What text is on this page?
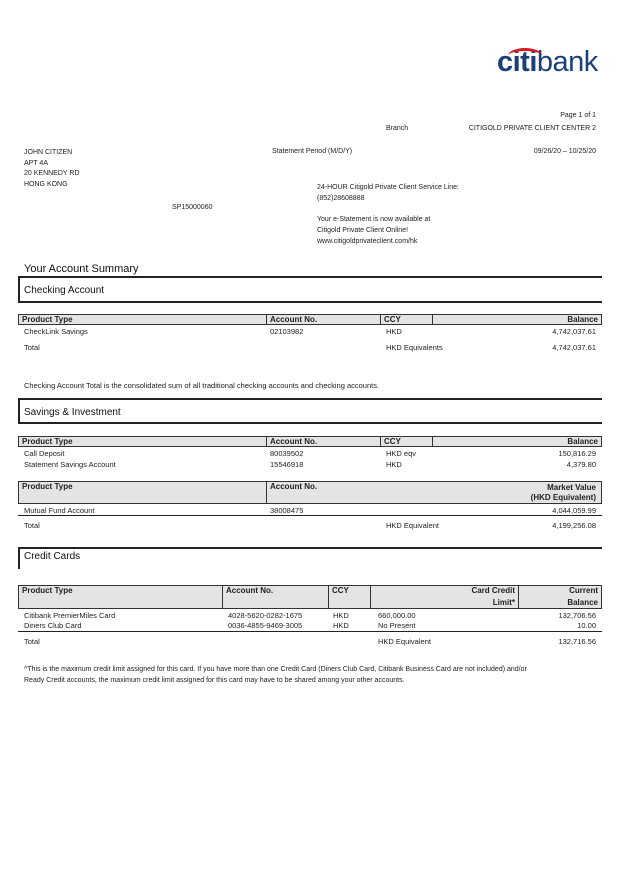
citibank
Page 1 of 1
Branch	CITIGOLD PRIVATE CLIENT CENTER 2
Statement Period (M/D/Y)	09/26/20 – 10/25/20
JOHN CITIZEN
APT 4A
20 KENNEDY RD
HONG KONG
SP15000060
24-HOUR Citigold Private Client Service Line:
(852)28608888
Your e-Statement is now available at
Citigold Private Client Online!
www.citigoldprivateclient.com/hk
Your Account Summary
Checking Account
Product Type	Account No.	CCY	Balance
CheckLink Savings	02103982	HKD	4,742,037.61
Total	HKD Equivalents	4,742,037.61
Checking Account Total is the consolidated sum of all traditional checking accounts and checking accounts.
Savings & Investment
Product Type	Account No.	CCY	Balance
Call Deposit	80039502	HKD eqv	150,816.29
Statement Savings Account	15546918	HKD	4,379.80
Product Type	Account No.	Market Value
(HKD Equivalent)
Mutual Fund Account	38008475	4,044,059.99
Total	HKD Equivalent	4,199,256.08
Credit Cards
Product Type	Account No.	CCY	Card Credit
Limit*
Current
Balance
Citibank PremierMiles Card	4028-5620-0282-1675	HKD	660,000.00	132,706.56
Diners Club Card	0036-4855-9469-3005	HKD	No Present	10.00
Total	HKD Equivalent	132,716.56
^This is the maximum credit limit assigned for this card. If you have more than one Credit Card (Diners Club Card, Citibank Business Card are not included) and/or
Ready Credit accounts, the maximum credit limit assigned for this card may have to be shared among your other accounts.
